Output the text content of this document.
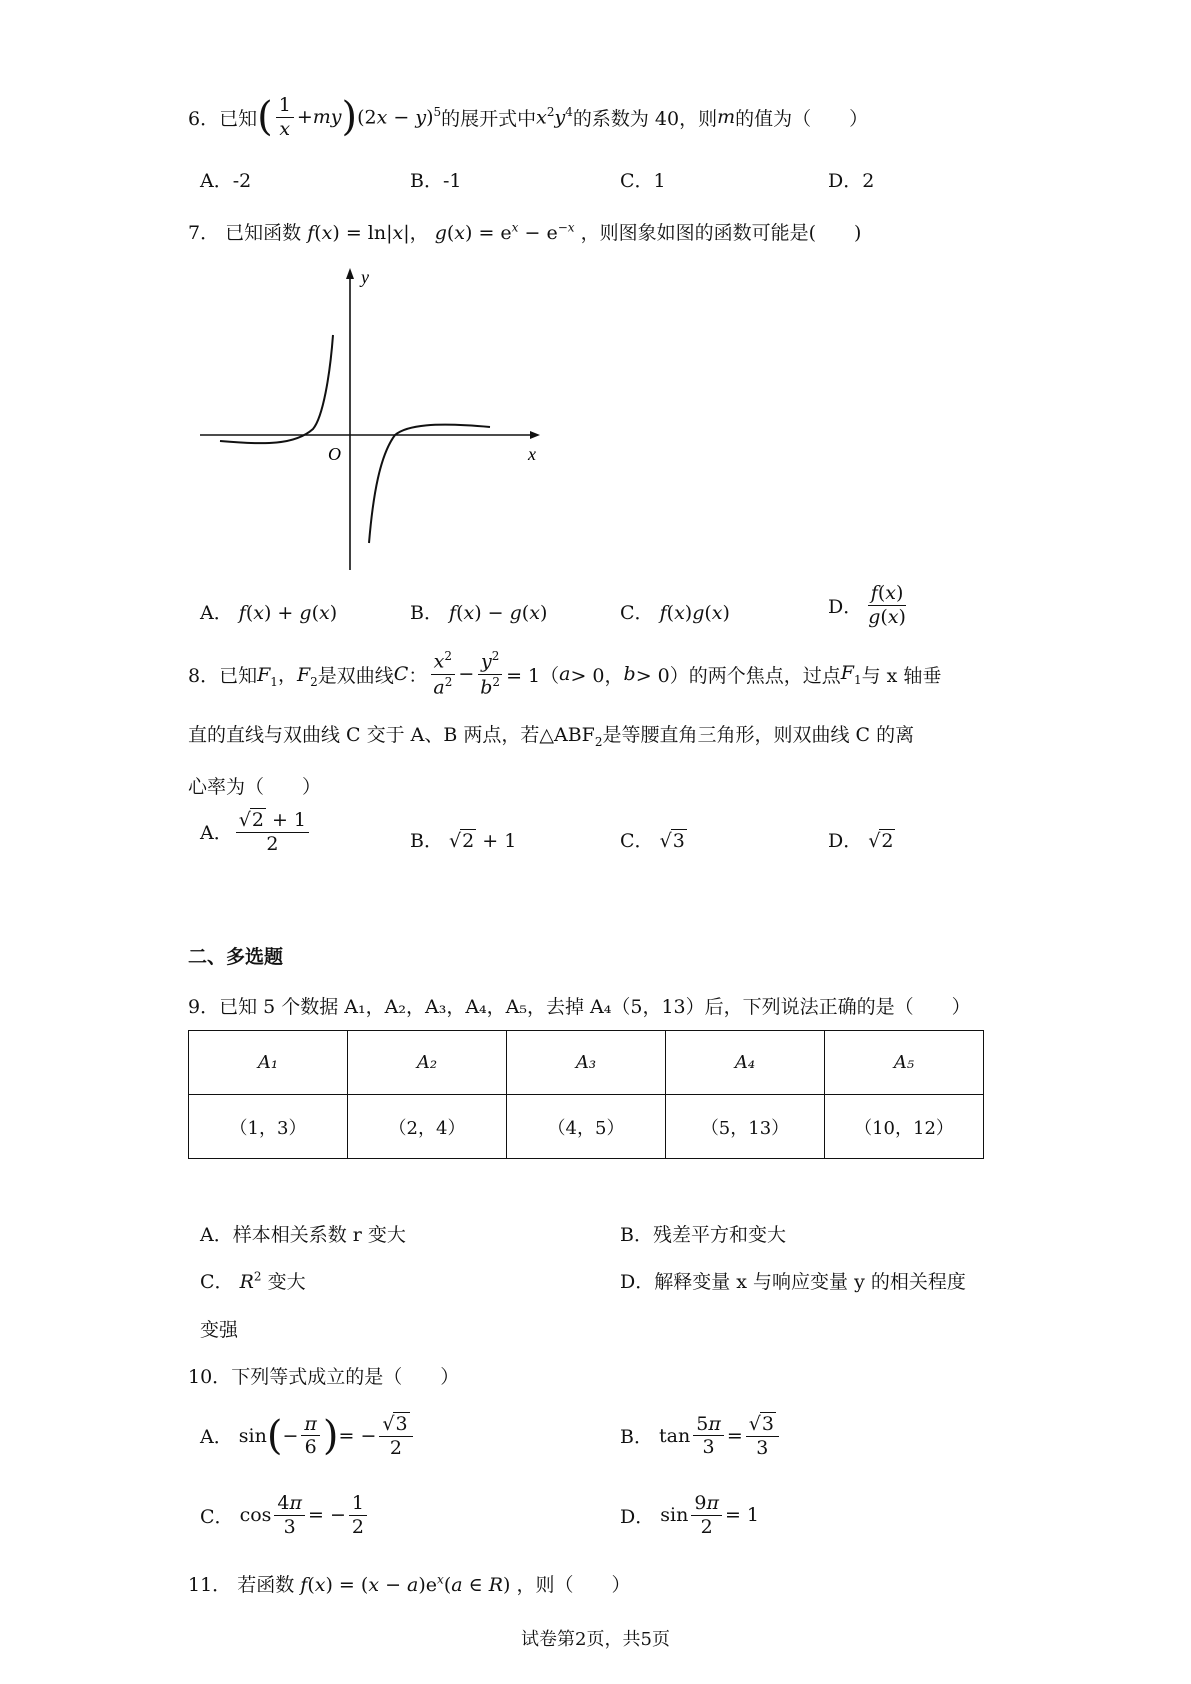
6． 已知 ( $\frac{1}{x}$ + my ) $(2x - y)^5$ 的展开式中 $x^2y^4$ 的系数为 40，则 m 的值为（　　）
A．-2	B．-1	C．1	D．2
7． 已知函数 f(x) = ln|x|， $g(x) = e^x - e^{-x}$ ，则图象如图的函数可能是(　　)
y
x
O
A． f(x) + g(x)	B． f(x) − g(x)	C． f(x)g(x)	D． $\frac{f(x)}{g(x)}$
8． 已知 $F_1$，$F_2$ 是双曲线 C ： $\frac{x^2}{a^2} - \frac{y^2}{b^2} = 1$（ a > 0， b > 0） 的两个焦点，过点 $F_1$ 与 x 轴垂
直的直线与双曲线 C 交于 A、B 两点，若$\triangle ABF_2$是等腰直角三角形，则双曲线 C 的离
心率为（　　）
A． $\frac{√2 + 1}{2}$	B． √2 + 1	C． √3	D． √2
二、多选题
9．已知 5 个数据 A₁，A₂，A₃，A₄，A₅，去掉 A₄（5，13）后，下列说法正确的是（　　）
A₁	A₂	A₃	A₄	A₅
（1，3）	（2，4）	（4，5）	（5，13）	（10，12）
A．样本相关系数 r 变大	B．残差平方和变大
C． $R^2$ 变大	D．解释变量 x 与响应变量 y 的相关程度
变强
10．下列等式成立的是（　　）
A． sin ( − $\frac{\pi}{6}$ ) = − $\frac{√3}{2}$	B． $\tan \frac{5\pi}{3} = \frac{√3}{3}$
C． $\cos \frac{4\pi}{3}$ = − $\frac{1}{2}$	D． $\sin \frac{9\pi}{2} = 1$
11． 若函数 $f(x) = (x - a)e^x(a$ ∈ R) ，则（　　）
试卷第2页，共5页
